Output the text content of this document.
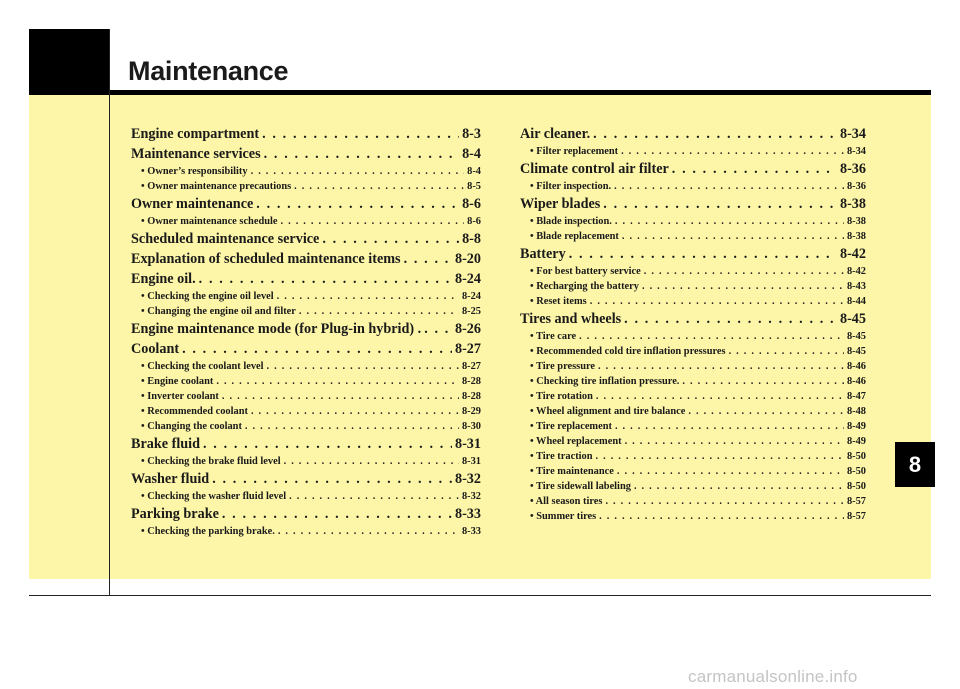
Maintenance
8
Engine compartment . . .	8-3
Maintenance services . . .	8-4
• Owner’s responsibility . . .	8-4
• Owner maintenance precautions . . .	8-5
Owner maintenance . . .	8-6
• Owner maintenance schedule . . .	8-6
Scheduled maintenance service . . .	8-8
Explanation of scheduled maintenance items . . .	8-20
Engine oil. . . .	8-24
• Checking the engine oil level . . .	8-24
• Changing the engine oil and filter . . .	8-25
Engine maintenance mode (for Plug-in hybrid) . . . . 8-26
Coolant . . .	8-27
• Checking the coolant level . . .	8-27
• Engine coolant . . .	8-28
• Inverter coolant . . .	8-28
• Recommended coolant . . .	8-29
• Changing the coolant . . .	8-30
Brake fluid . . .	8-31
• Checking the brake fluid level . . .	8-31
Washer fluid . . .	8-32
• Checking the washer fluid level . . .	8-32
Parking brake . . .	8-33
• Checking the parking brake. . . .	8-33
Air cleaner. . . .	8-34
• Filter replacement . . .	8-34
Climate control air filter . . .	8-36
• Filter inspection. . . .	8-36
Wiper blades . . .	8-38
• Blade inspection. . . .	8-38
• Blade replacement . . .	8-38
Battery . . .	8-42
• For best battery service . . .	8-42
• Recharging the battery . . .	8-43
• Reset items . . .	8-44
Tires and wheels . . .	8-45
• Tire care . . .	8-45
• Recommended cold tire inflation pressures . . .	8-45
• Tire pressure . . .	8-46
• Checking tire inflation pressure. . . .	8-46
• Tire rotation . . .	8-47
• Wheel alignment and tire balance . . .	8-48
• Tire replacement . . .	8-49
• Wheel replacement . . .	8-49
• Tire traction . . .	8-50
• Tire maintenance . . .	8-50
• Tire sidewall labeling . . .	8-50
• All season tires . . .	8-57
• Summer tires . . .	8-57
carmanualsonline.info
